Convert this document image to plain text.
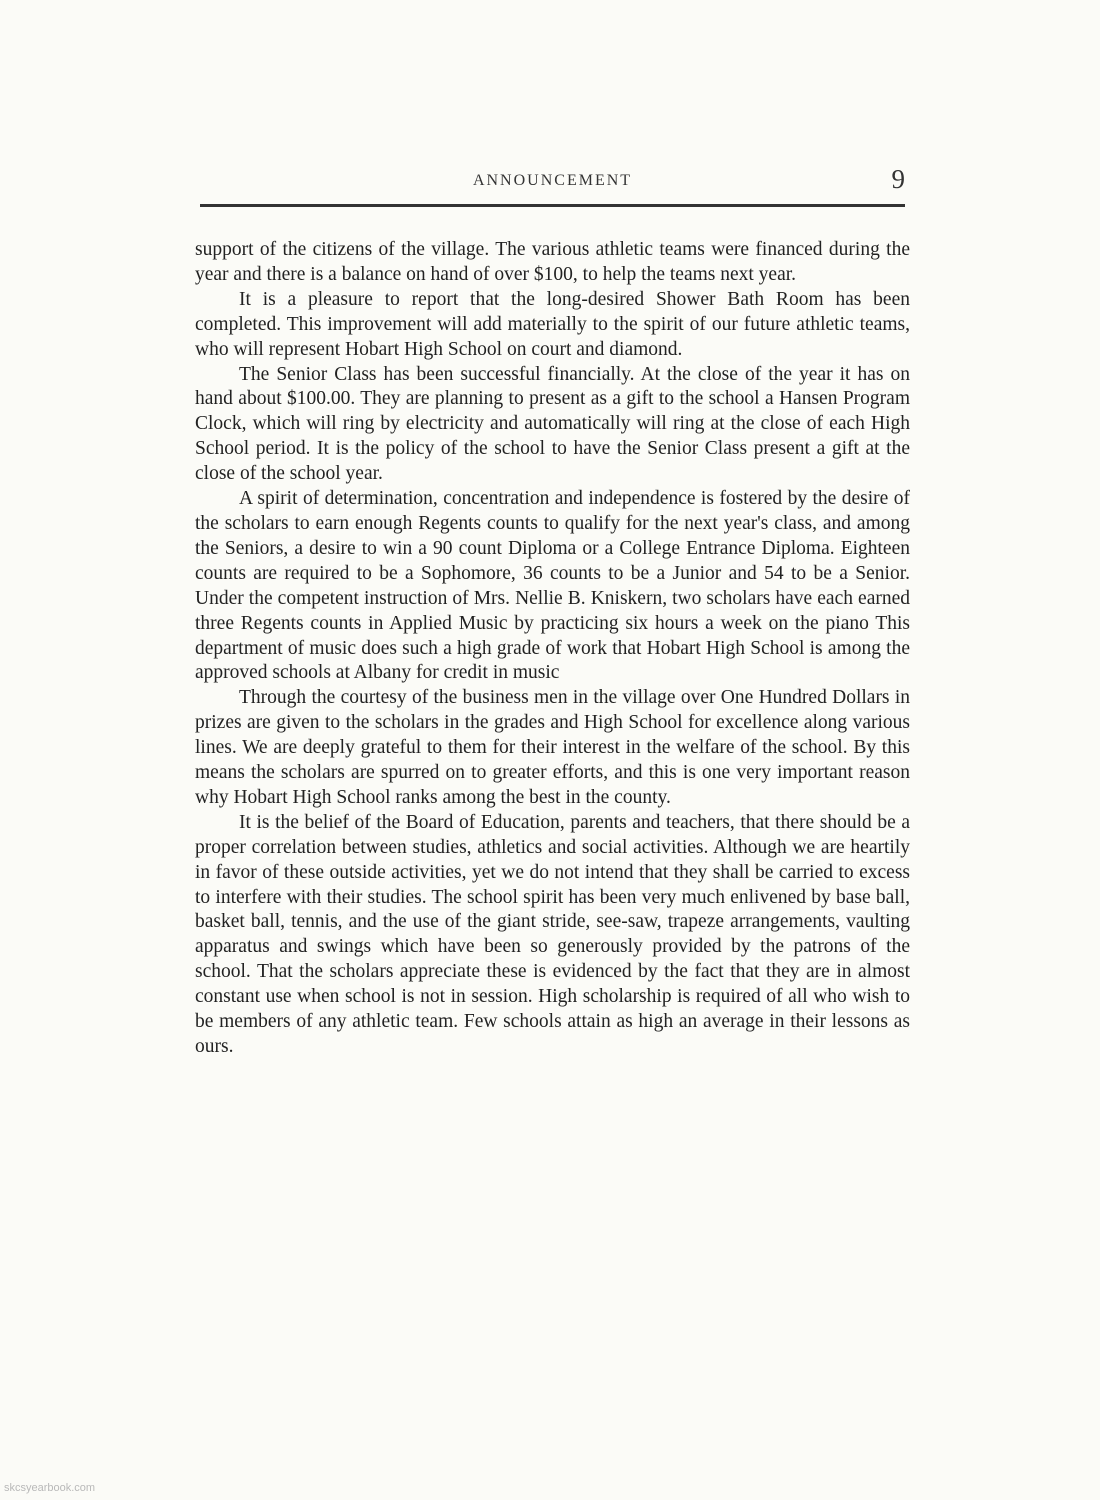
ANNOUNCEMENT	9

support of the citizens of the village. The various athletic teams were financed during the year and there is a balance on hand of over $100, to help the teams next year.

It is a pleasure to report that the long-desired Shower Bath Room has been completed. This improvement will add materially to the spirit of our future athletic teams, who will represent Hobart High School on court and diamond.

The Senior Class has been successful financially. At the close of the year it has on hand about $100.00. They are planning to present as a gift to the school a Hansen Program Clock, which will ring by electricity and automatically will ring at the close of each High School period. It is the policy of the school to have the Senior Class present a gift at the close of the school year.

A spirit of determination, concentration and independence is fostered by the desire of the scholars to earn enough Regents counts to qualify for the next year's class, and among the Seniors, a desire to win a 90 count Diploma or a College Entrance Diploma. Eighteen counts are required to be a Sophomore, 36 counts to be a Junior and 54 to be a Senior. Under the competent instruction of Mrs. Nellie B. Kniskern, two scholars have each earned three Regents counts in Applied Music by practicing six hours a week on the piano This department of music does such a high grade of work that Hobart High School is among the approved schools at Albany for credit in music

Through the courtesy of the business men in the village over One Hundred Dollars in prizes are given to the scholars in the grades and High School for excellence along various lines. We are deeply grateful to them for their interest in the welfare of the school. By this means the scholars are spurred on to greater efforts, and this is one very important reason why Hobart High School ranks among the best in the county.

It is the belief of the Board of Education, parents and teachers, that there should be a proper correlation between studies, athletics and social activities. Although we are heartily in favor of these outside activities, yet we do not intend that they shall be carried to excess to interfere with their studies. The school spirit has been very much enlivened by base ball, basket ball, tennis, and the use of the giant stride, see-saw, trapeze arrangements, vaulting apparatus and swings which have been so generously provided by the patrons of the school. That the scholars appreciate these is evidenced by the fact that they are in almost constant use when school is not in session. High scholarship is required of all who wish to be members of any athletic team. Few schools attain as high an average in their lessons as ours.

skcsyearbook.com
